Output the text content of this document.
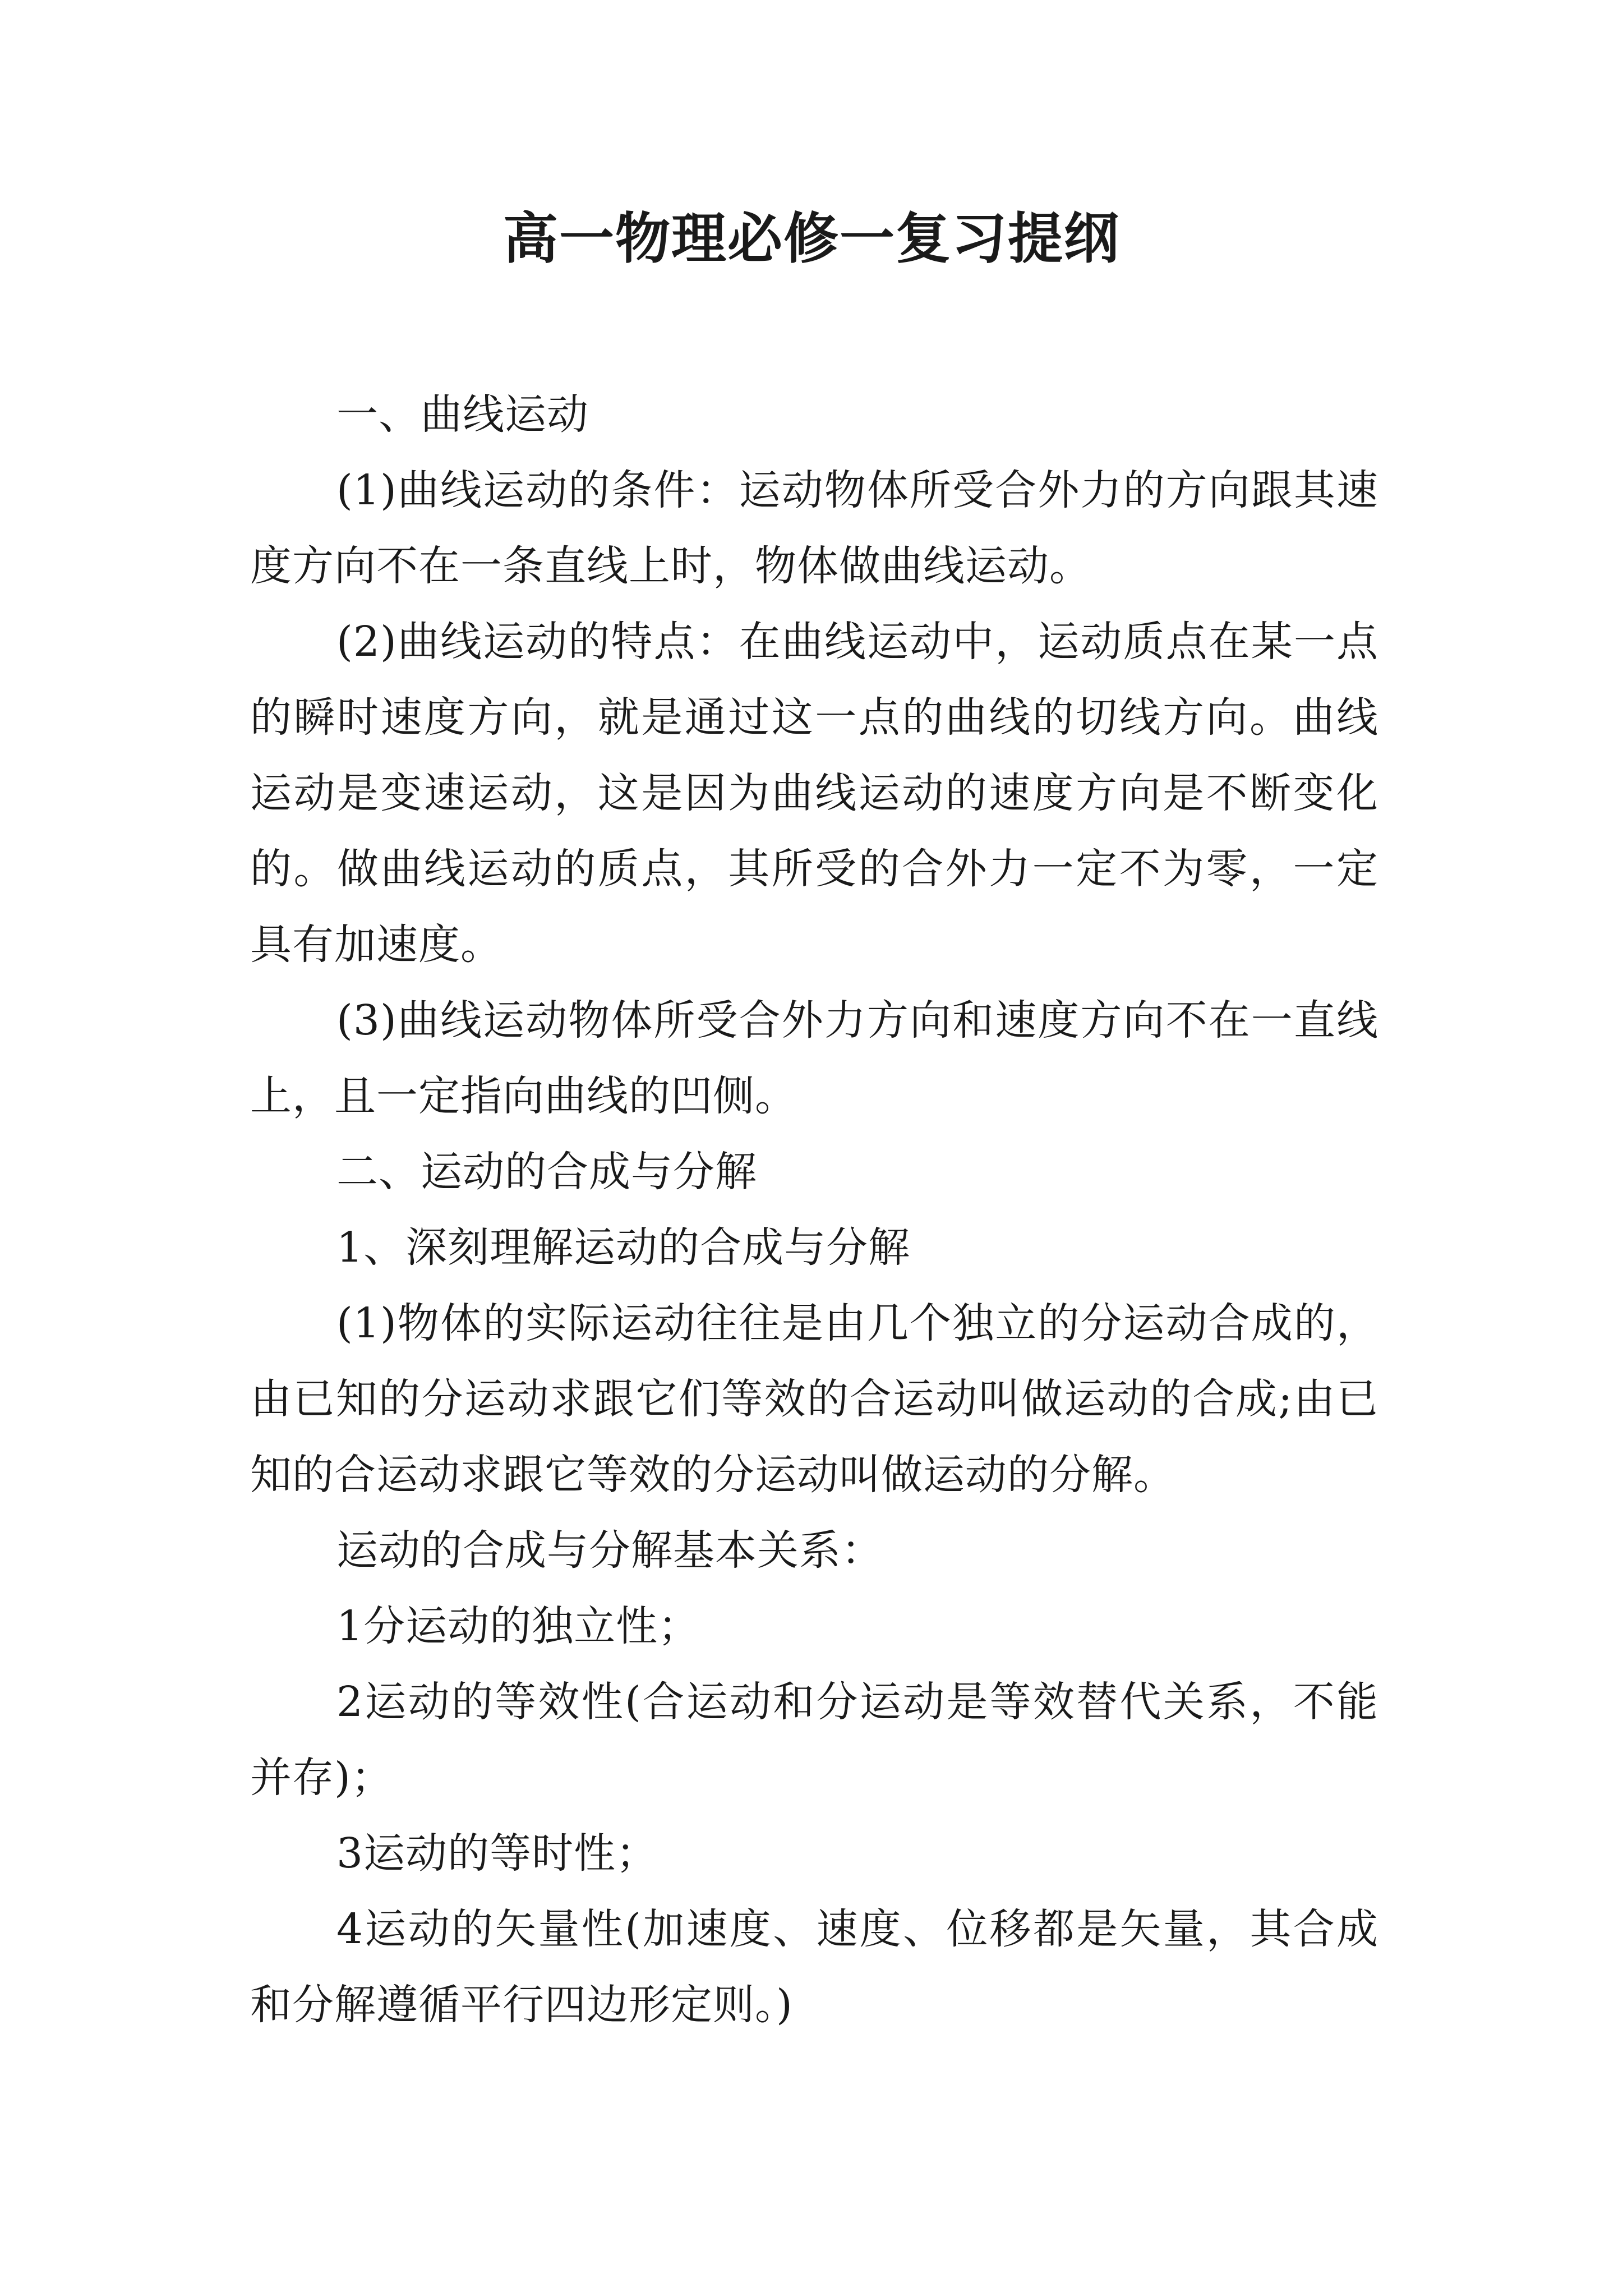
高一物理必修一复习提纲

一、曲线运动

(1)曲线运动的条件：运动物体所受合外力的方向跟其速度方向不在一条直线上时，物体做曲线运动。

(2)曲线运动的特点：在曲线运动中，运动质点在某一点的瞬时速度方向，就是通过这一点的曲线的切线方向。曲线运动是变速运动，这是因为曲线运动的速度方向是不断变化的。做曲线运动的质点，其所受的合外力一定不为零，一定具有加速度。

(3)曲线运动物体所受合外力方向和速度方向不在一直线上，且一定指向曲线的凹侧。

二、运动的合成与分解

1、深刻理解运动的合成与分解

(1)物体的实际运动往往是由几个独立的分运动合成的，由已知的分运动求跟它们等效的合运动叫做运动的合成;由已知的合运动求跟它等效的分运动叫做运动的分解。

运动的合成与分解基本关系：

1分运动的独立性；

2运动的等效性(合运动和分运动是等效替代关系，不能并存)；

3运动的等时性；

4运动的矢量性(加速度、速度、位移都是矢量，其合成和分解遵循平行四边形定则。)
